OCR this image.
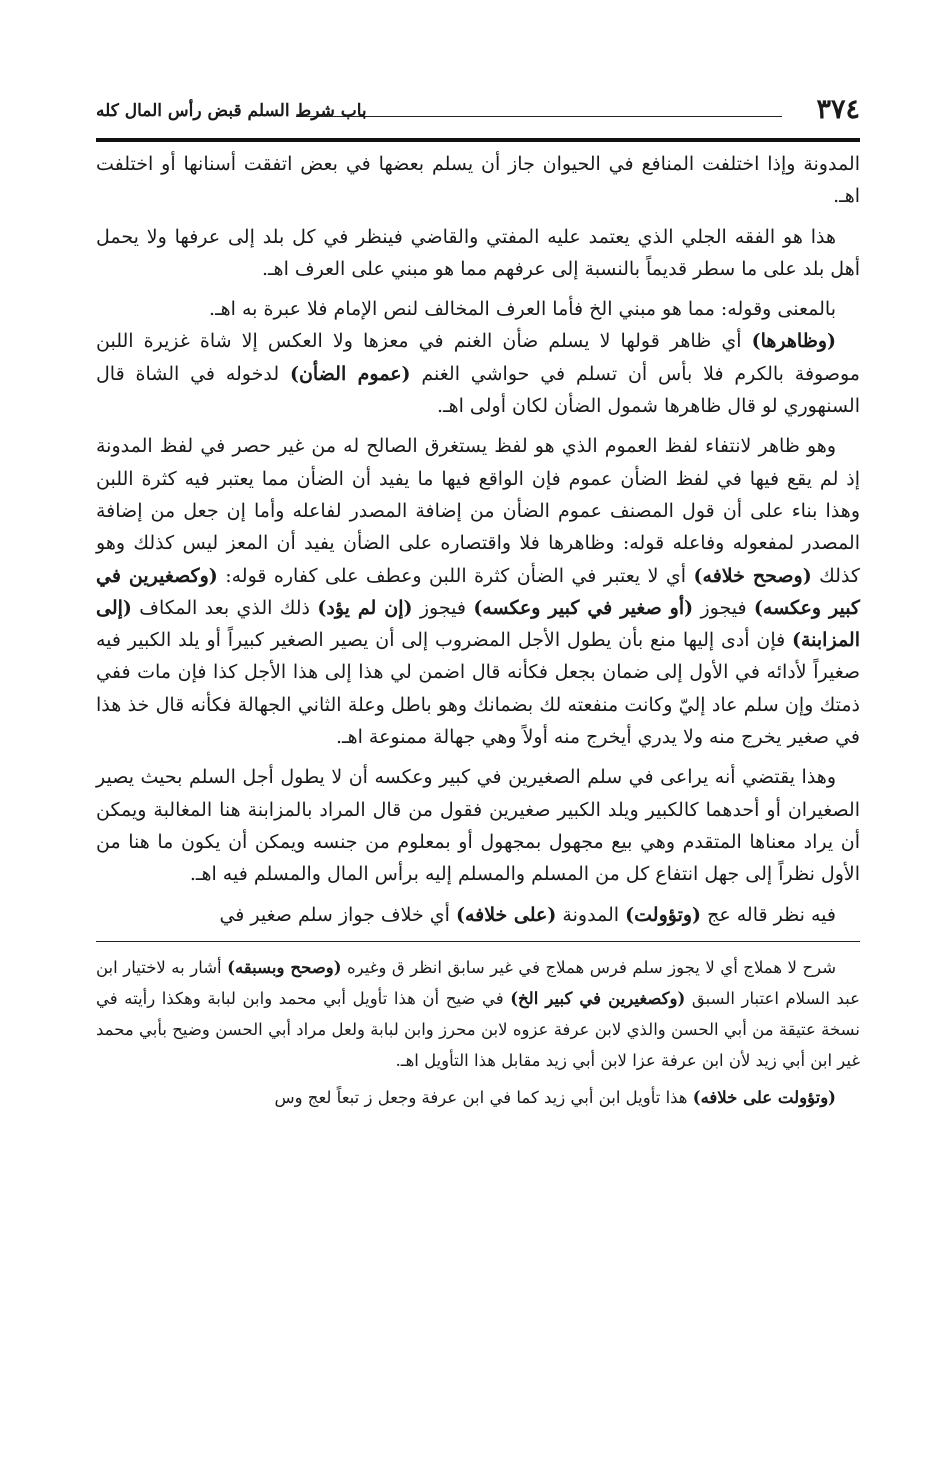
٣٧٤
باب شرط السلم قبض رأس المال كله

المدونة وإذا اختلفت المنافع في الحيوان جاز أن يسلم بعضها في بعض اتفقت أسنانها أو اختلفت اهـ.

هذا هو الفقه الجلي الذي يعتمد عليه المفتي والقاضي فينظر في كل بلد إلى عرفها ولا يحمل أهل بلد على ما سطر قديماً بالنسبة إلى عرفهم مما هو مبني على العرف اهـ.

بالمعنى وقوله: مما هو مبني الخ فأما العرف المخالف لنص الإمام فلا عبرة به اهـ.

(وظاهرها) أي ظاهر قولها لا يسلم ضأن الغنم في معزها ولا العكس إلا شاة غزيرة اللبن موصوفة بالكرم فلا بأس أن تسلم في حواشي الغنم (عموم الضأن) لدخوله في الشاة قال السنهوري لو قال ظاهرها شمول الضأن لكان أولى اهـ.

وهو ظاهر لانتفاء لفظ العموم الذي هو لفظ يستغرق الصالح له من غير حصر في لفظ المدونة إذ لم يقع فيها في لفظ الضأن عموم فإن الواقع فيها ما يفيد أن الضأن مما يعتبر فيه كثرة اللبن وهذا بناء على أن قول المصنف عموم الضأن من إضافة المصدر لفاعله وأما إن جعل من إضافة المصدر لمفعوله وفاعله قوله: وظاهرها فلا واقتصاره على الضأن يفيد أن المعز ليس كذلك وهو كذلك (وصحح خلافه) أي لا يعتبر في الضأن كثرة اللبن وعطف على كفاره قوله: (وكصغيرين في كبير وعكسه) فيجوز (أو صغير في كبير وعكسه) فيجوز (إن لم يؤد) ذلك الذي بعد المكاف (إلى المزابنة) فإن أدى إليها منع بأن يطول الأجل المضروب إلى أن يصير الصغير كبيراً أو يلد الكبير فيه صغيراً لأدائه في الأول إلى ضمان بجعل فكأنه قال اضمن لي هذا إلى هذا الأجل كذا فإن مات ففي ذمتك وإن سلم عاد إليّ وكانت منفعته لك بضمانك وهو باطل وعلة الثاني الجهالة فكأنه قال خذ هذا في صغير يخرج منه ولا يدري أيخرج منه أولاً وهي جهالة ممنوعة اهـ.

وهذا يقتضي أنه يراعى في سلم الصغيرين في كبير وعكسه أن لا يطول أجل السلم بحيث يصير الصغيران أو أحدهما كالكبير ويلد الكبير صغيرين فقول من قال المراد بالمزابنة هنا المغالبة ويمكن أن يراد معناها المتقدم وهي بيع مجهول بمجهول أو بمعلوم من جنسه ويمكن أن يكون ما هنا من الأول نظراً إلى جهل انتفاع كل من المسلم والمسلم إليه برأس المال والمسلم فيه اهـ.

فيه نظر قاله عج (وتؤولت) المدونة (على خلافه) أي خلاف جواز سلم صغير في

شرح لا هملاج أي لا يجوز سلم فرس هملاج في غير سابق انظر ق وغيره (وصحح وبسبقه) أشار به لاختيار ابن عبد السلام اعتبار السبق (وكصغيرين في كبير الخ) في ضيح أن هذا تأويل أبي محمد وابن لبابة وهكذا رأيته في نسخة عتيقة من أبي الحسن والذي لابن عرفة عزوه لابن محرز وابن لبابة ولعل مراد أبي الحسن وضيح بأبي محمد غير ابن أبي زيد لأن ابن عرفة عزا لابن أبي زيد مقابل هذا التأويل اهـ.

(وتؤولت على خلافه) هذا تأويل ابن أبي زيد كما في ابن عرفة وجعل ز تبعاً لعج وس
